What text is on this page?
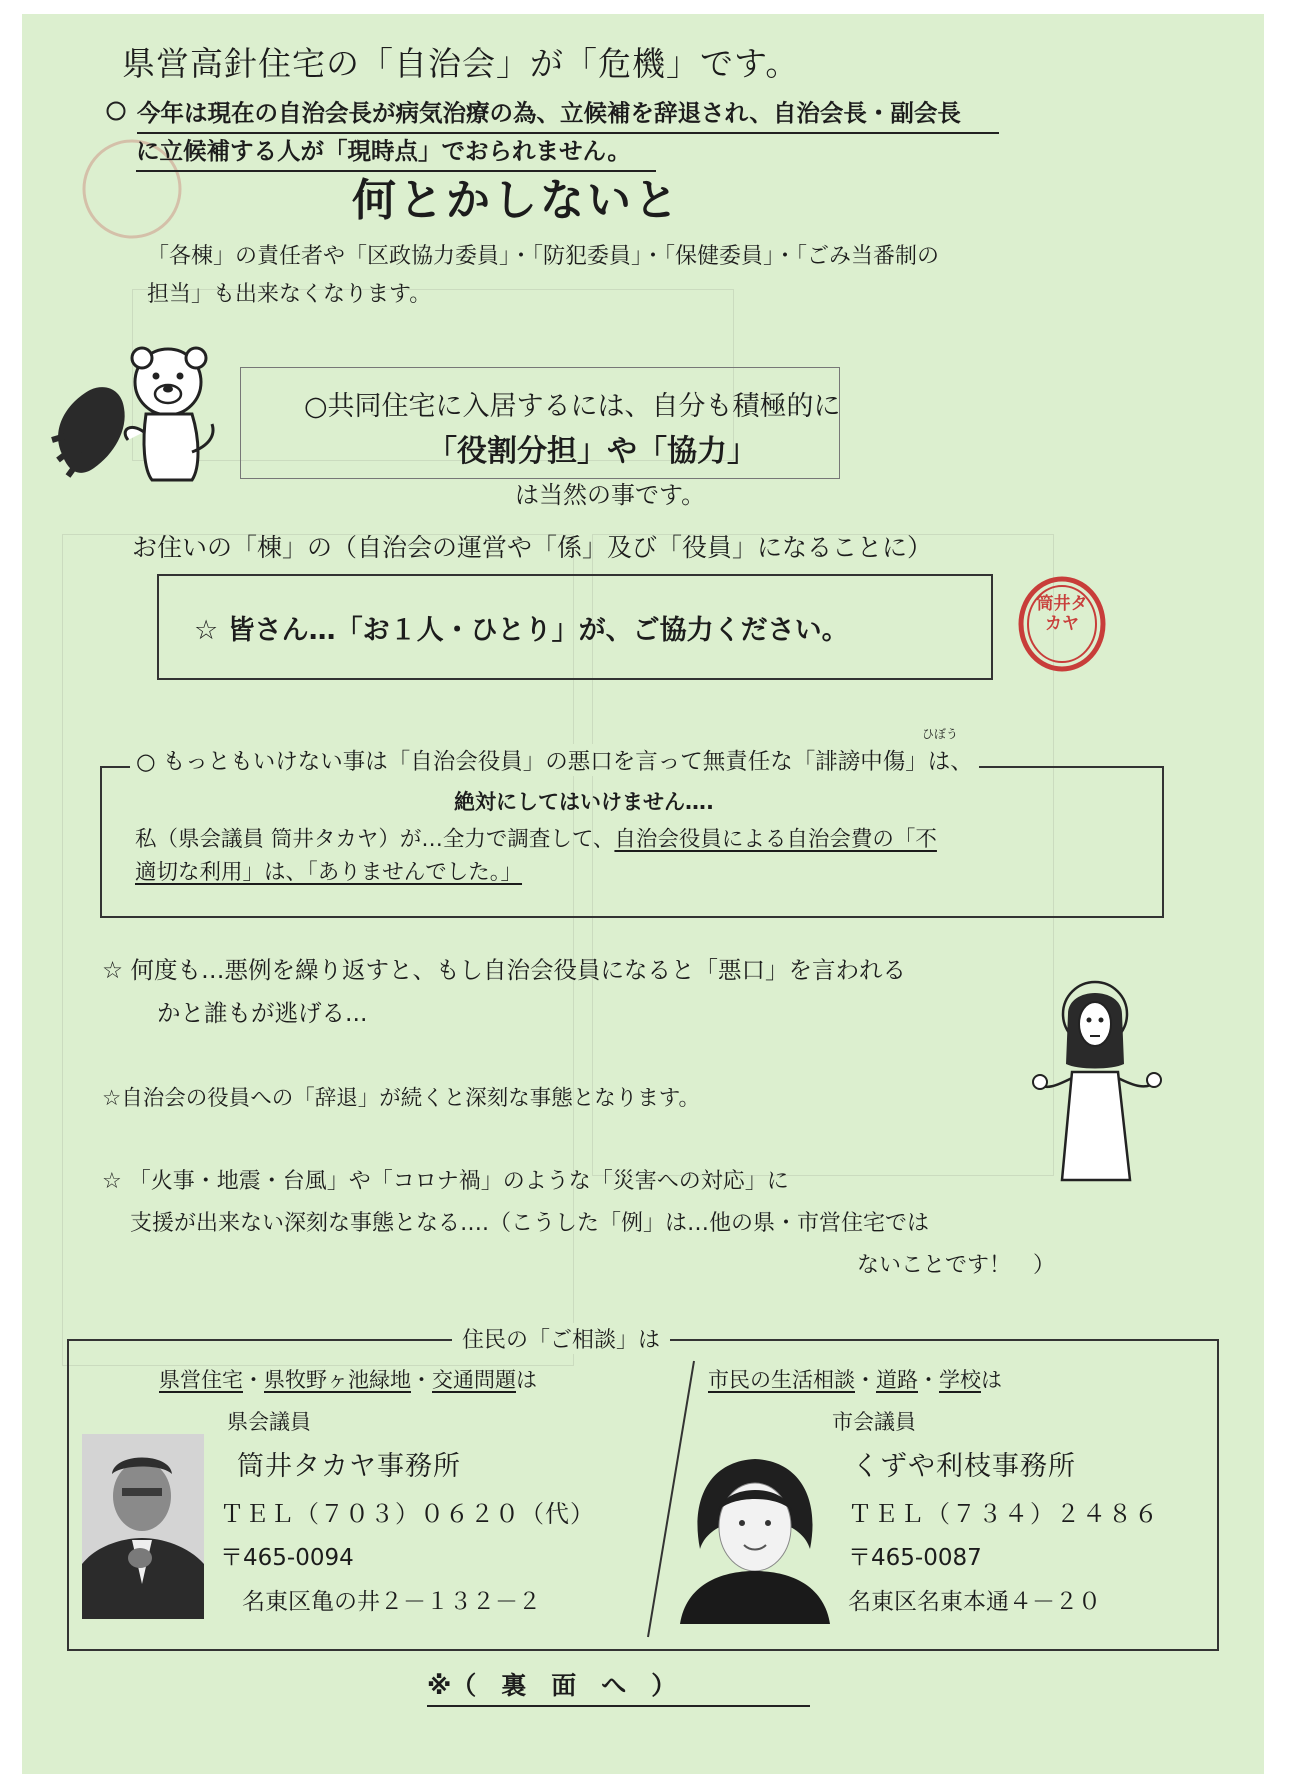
県営高針住宅の「自治会」が「危機」です。
今年は現在の自治会長が病気治療の為、立候補を辞退され、自治会長・副会長
に立候補する人が「現時点」でおられません。
何とかしないと
「各棟」の責任者や「区政協力委員」・「防犯委員」・「保健委員」・「ごみ当番制の
担当」も出来なくなります。
○共同住宅に入居するには、自分も積極的に
「役割分担」や「協力」
は当然の事です。
お住いの「棟」の（自治会の運営や「係」及び「役員」になることに）
☆ 皆さん…「お１人・ひとり」が、ご協力ください。
筒井タカヤ
○ もっともいけない事は「自治会役員」の悪口を言って無責任な「誹謗中傷」は、
ひぼう
絶対にしてはいけません….
私（県会議員 筒井タカヤ）が…全力で調査して、自治会役員による自治会費の「不
適切な利用」は、「ありませんでした。」
☆ 何度も…悪例を繰り返すと、もし自治会役員になると「悪口」を言われる
かと誰もが逃げる...
☆自治会の役員への「辞退」が続くと深刻な事態となります。
☆ 「火事・地震・台風」や「コロナ禍」のような「災害への対応」に
支援が出来ない深刻な事態となる….（こうした「例」は…他の県・市営住宅では
ないことです！　）
住民の「ご相談」は
県営住宅・県牧野ヶ池緑地・交通問題は
県会議員
筒井タカヤ事務所
ＴＥＬ（７０３）０６２０（代）
〒465-0094
名東区亀の井２－１３２－２
市民の生活相談・道路・学校は
市会議員
くずや利枝事務所
ＴＥＬ（７３４）２４８６
〒465-0087
名東区名東本通４－２０
※（　裏　面　へ　）
